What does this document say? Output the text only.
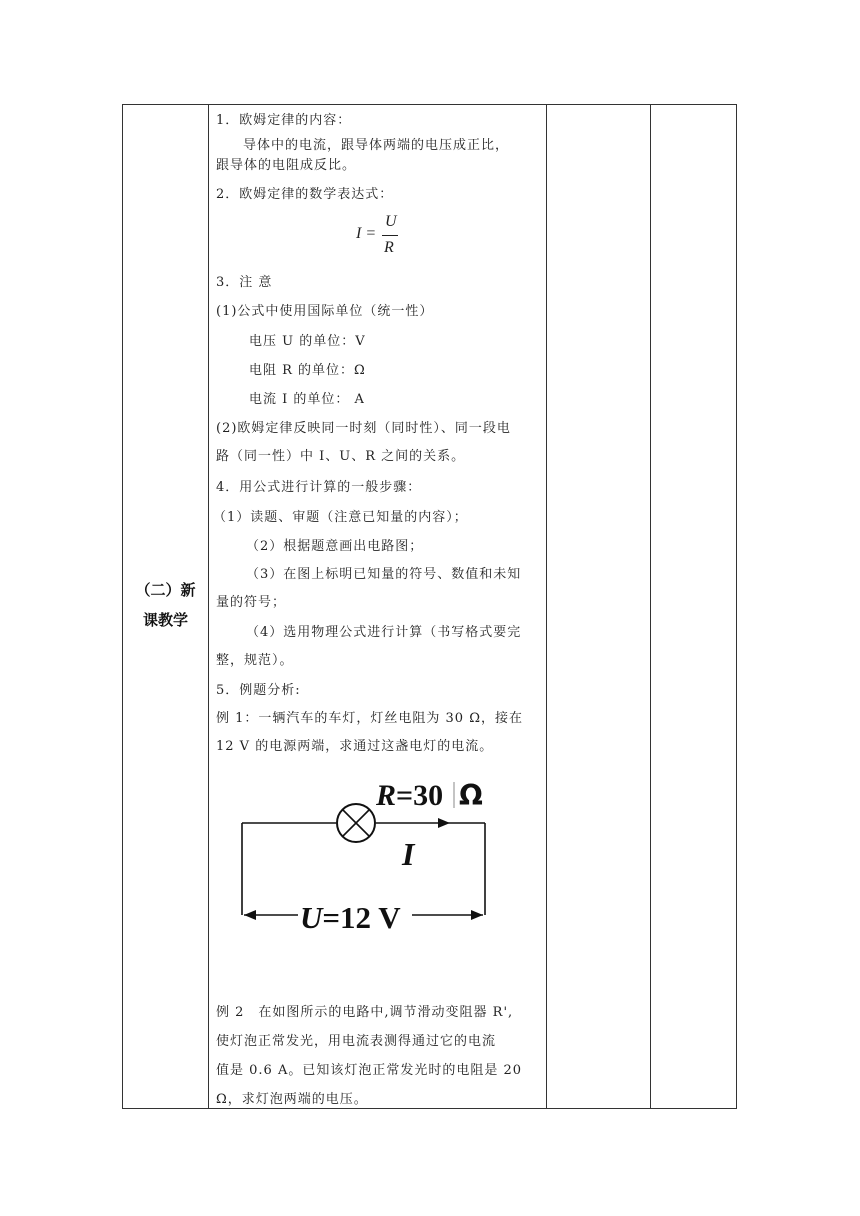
（二）新
课教学
1．欧姆定律的内容：
导体中的电流，跟导体两端的电压成正比，
跟导体的电阻成反比。
2．欧姆定律的数学表达式：
I =
U
R
3．注 意
(1)公式中使用国际单位（统一性）
电压 U 的单位：V
电阻 R 的单位：Ω
电流 I 的单位： A
(2)欧姆定律反映同一时刻（同时性）、同一段电
路（同一性）中 I、U、R 之间的关系。
4．用公式进行计算的一般步骤：
（1）读题、审题（注意已知量的内容）；
（2）根据题意画出电路图；
（3）在图上标明已知量的符号、数值和未知
量的符号；
（4）选用物理公式进行计算（书写格式要完
整，规范）。
5．例题分析:
例 1：一辆汽车的车灯，灯丝电阻为 30 Ω，接在
12 V 的电源两端，求通过这盏电灯的电流。
R=30 Ω
I
U=12 V
例 2　在如图所示的电路中,调节滑动变阻器 R',
使灯泡正常发光，用电流表测得通过它的电流
值是 0.6 A。已知该灯泡正常发光时的电阻是 20
Ω，求灯泡两端的电压。
